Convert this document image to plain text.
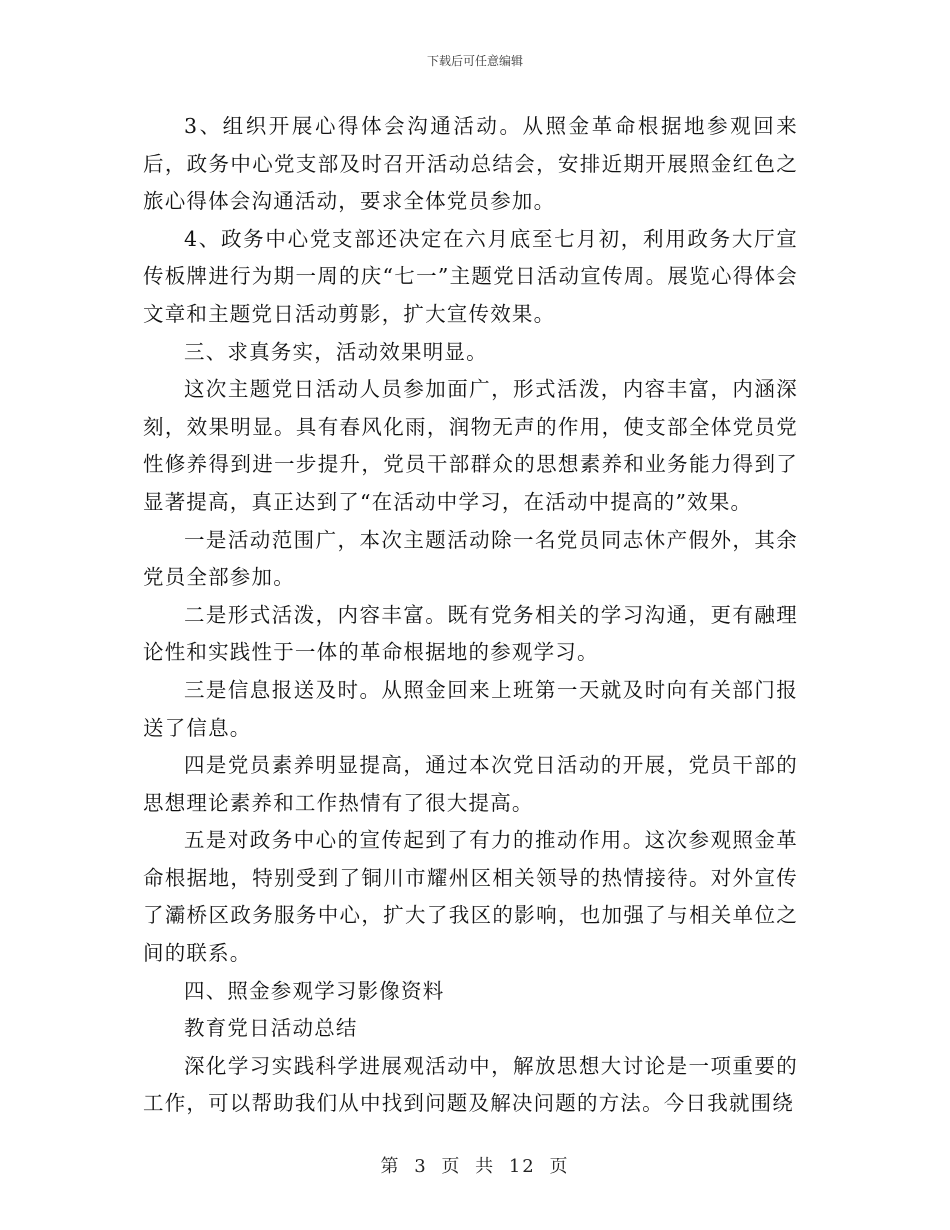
下载后可任意编辑

3、组织开展心得体会沟通活动。从照金革命根据地参观回来后，政务中心党支部及时召开活动总结会，安排近期开展照金红色之旅心得体会沟通活动，要求全体党员参加。

4、政务中心党支部还决定在六月底至七月初，利用政务大厅宣传板牌进行为期一周的庆“七一”主题党日活动宣传周。展览心得体会文章和主题党日活动剪影，扩大宣传效果。

三、求真务实，活动效果明显。

这次主题党日活动人员参加面广，形式活泼，内容丰富，内涵深刻，效果明显。具有春风化雨，润物无声的作用，使支部全体党员党性修养得到进一步提升，党员干部群众的思想素养和业务能力得到了显著提高，真正达到了“在活动中学习，在活动中提高的”效果。

一是活动范围广，本次主题活动除一名党员同志休产假外，其余党员全部参加。

二是形式活泼，内容丰富。既有党务相关的学习沟通，更有融理论性和实践性于一体的革命根据地的参观学习。

三是信息报送及时。从照金回来上班第一天就及时向有关部门报送了信息。

四是党员素养明显提高，通过本次党日活动的开展，党员干部的思想理论素养和工作热情有了很大提高。

五是对政务中心的宣传起到了有力的推动作用。这次参观照金革命根据地，特别受到了铜川市耀州区相关领导的热情接待。对外宣传了灞桥区政务服务中心，扩大了我区的影响，也加强了与相关单位之间的联系。

四、照金参观学习影像资料

教育党日活动总结

深化学习实践科学进展观活动中，解放思想大讨论是一项重要的工作，可以帮助我们从中找到问题及解决问题的方法。今日我就围绕

第 3 页 共 12 页
